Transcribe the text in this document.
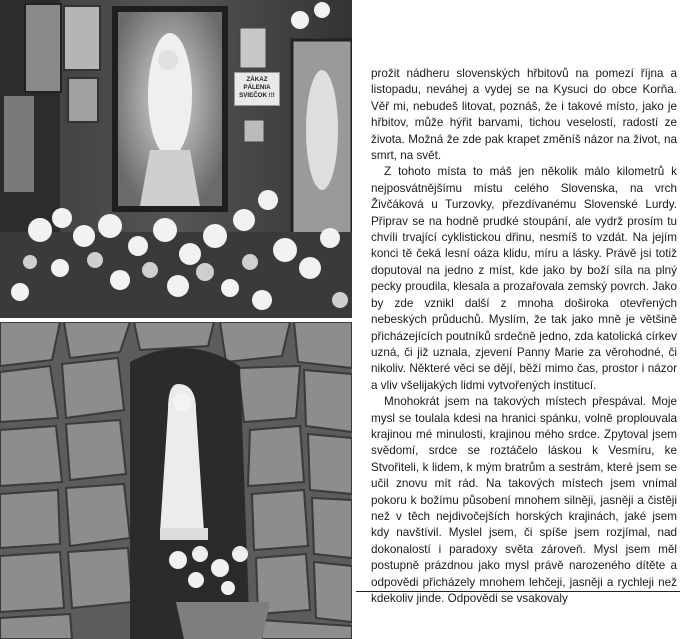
ZÁKAZ PÁLENIA
SVIEČOK !!!

prožit nádheru slovenských hřbitovů na pomezí října a listopadu, neváhej a vydej se na Kysuci do obce Korňa. Věř mi, nebudeš litovat, poznáš, že i takové místo, jako je hřbitov, může hýřit barvami, tichou veselostí, radostí ze života. Možná že zde pak krapet změníš názor na život, na smrt, na svět.

Z tohoto místa to máš jen několik málo kilometrů k nejposvátnějšímu místu celého Slovenska, na vrch Živčáková u Turzovky, přezdívanému Slovenské Lurdy. Připrav se na hodně prudké stoupání, ale vydrž prosím tu chvíli trvající cyklistickou dřinu, nesmíš to vzdát. Na jejím konci tě čeká lesní oáza klidu, míru a lásky. Právě jsi totiž doputoval na jedno z míst, kde jako by boží síla na plný pecky proudila, klesala a prozařovala zemský povrch. Jako by zde vznikl další z mnoha doširoka otevřených nebeských průduchů. Myslím, že tak jako mně je většině přicházejících poutníků srdečně jedno, zda katolická církev uzná, či již uznala, zjevení Panny Marie za věrohodné, či nikoliv. Některé věci se dějí, běží mimo čas, prostor i názor a vliv všelijakých lidmi vytvořených institucí.

Mnohokrát jsem na takových místech přespával. Moje mysl se toulala kdesi na hranici spánku, volně proplouvala krajinou mé minulosti, krajinou mého srdce. Zpytoval jsem svědomí, srdce se roztáčelo láskou k Vesmíru, ke Stvořiteli, k lidem, k mým bratrům a sestrám, které jsem se učil znovu mít rád. Na takových místech jsem vnímal pokoru k božímu působení mnohem silněji, jasněji a čistěji než v těch nejdivočejších horských krajinách, jaké jsem kdy navštívil. Myslel jsem, či spíše jsem rozjímal, nad dokonalostí i paradoxy světa zároveň. Mysl jsem měl postupně prázdnou jako mysl právě narozeného dítěte a odpovědi přicházely mnohem lehčeji, jasněji a rychleji než kdekoliv jinde. Odpovědi se vsakovaly
